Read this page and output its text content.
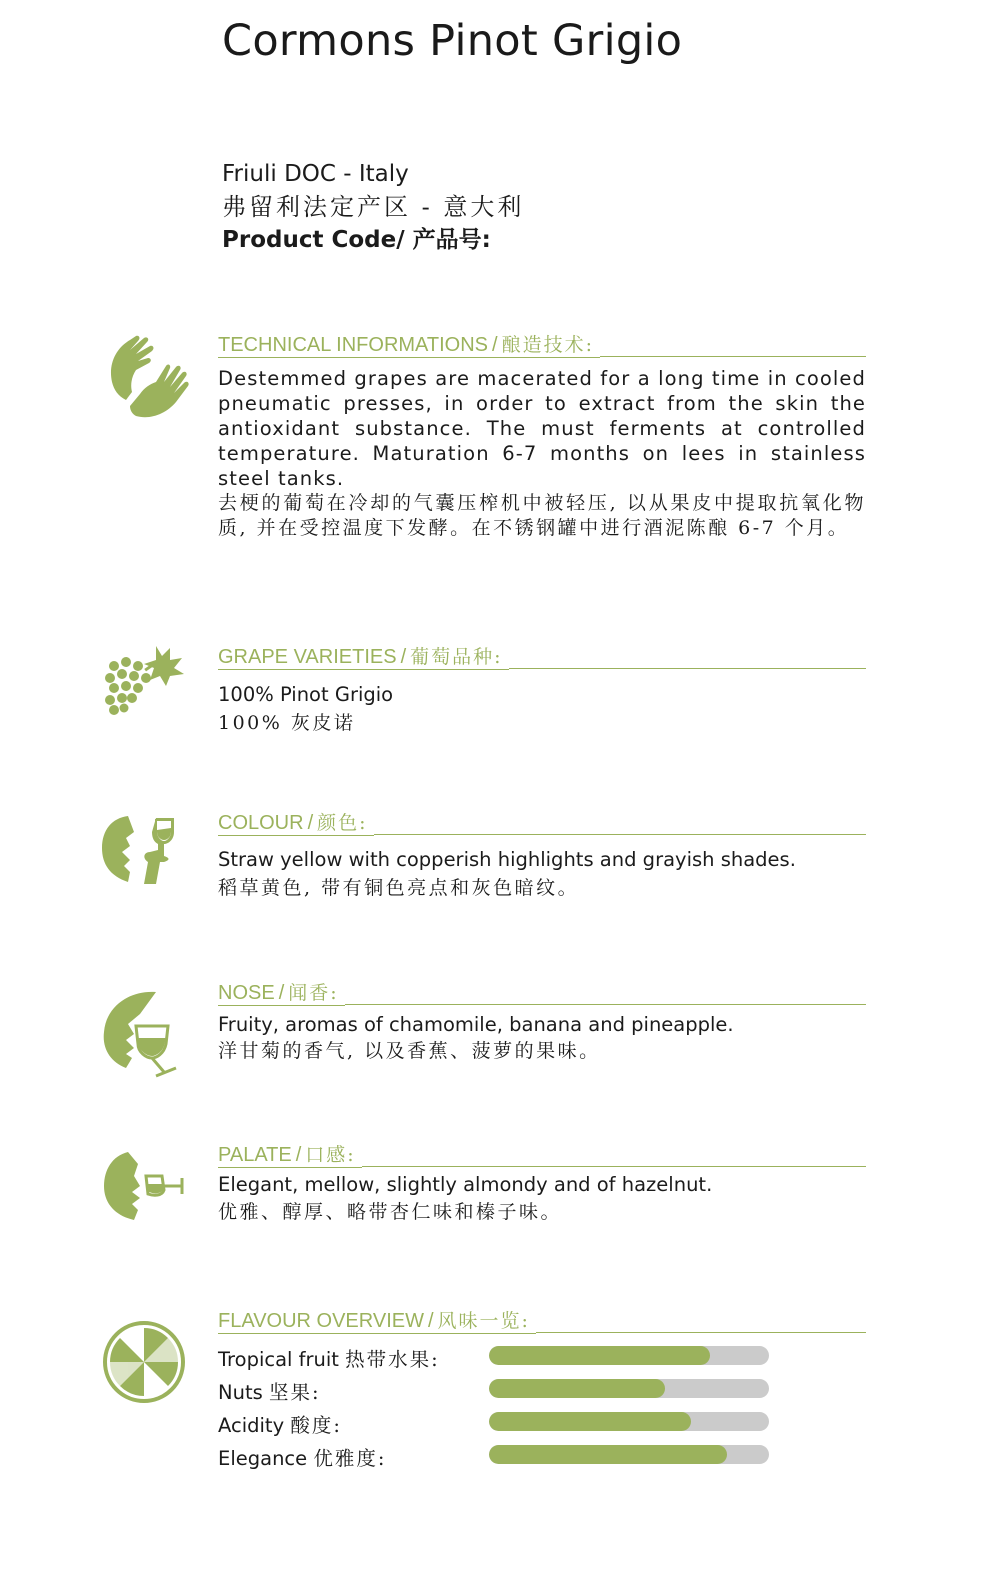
Cormons Pinot Grigio
Friuli DOC - Italy
弗留利法定产区 - 意大利
Product Code/ 产品号:
TECHNICAL INFORMATIONS / 酿造技术:
Destemmed grapes are macerated for a long time in cooled pneumatic presses, in order to extract from the skin the antioxidant substance. The must ferments at controlled temperature. Maturation 6-7 months on lees in stainless steel tanks.
去梗的葡萄在冷却的气囊压榨机中被轻压, 以从果皮中提取抗氧化物质, 并在受控温度下发酵。在不锈钢罐中进行酒泥陈酿 6-7 个月。
GRAPE VARIETIES / 葡萄品种:
100% Pinot Grigio
100% 灰皮诺
COLOUR / 颜色:
Straw yellow with copperish highlights and grayish shades.
稻草黄色, 带有铜色亮点和灰色暗纹。
NOSE / 闻香:
Fruity, aromas of chamomile, banana and pineapple.
洋甘菊的香气, 以及香蕉、菠萝的果味。
PALATE / 口感:
Elegant, mellow, slightly almondy and of hazelnut.
优雅、醇厚、略带杏仁味和榛子味。
FLAVOUR OVERVIEW / 风味一览:
Tropical fruit 热带水果:
Nuts 坚果:
Acidity 酸度:
Elegance 优雅度:
